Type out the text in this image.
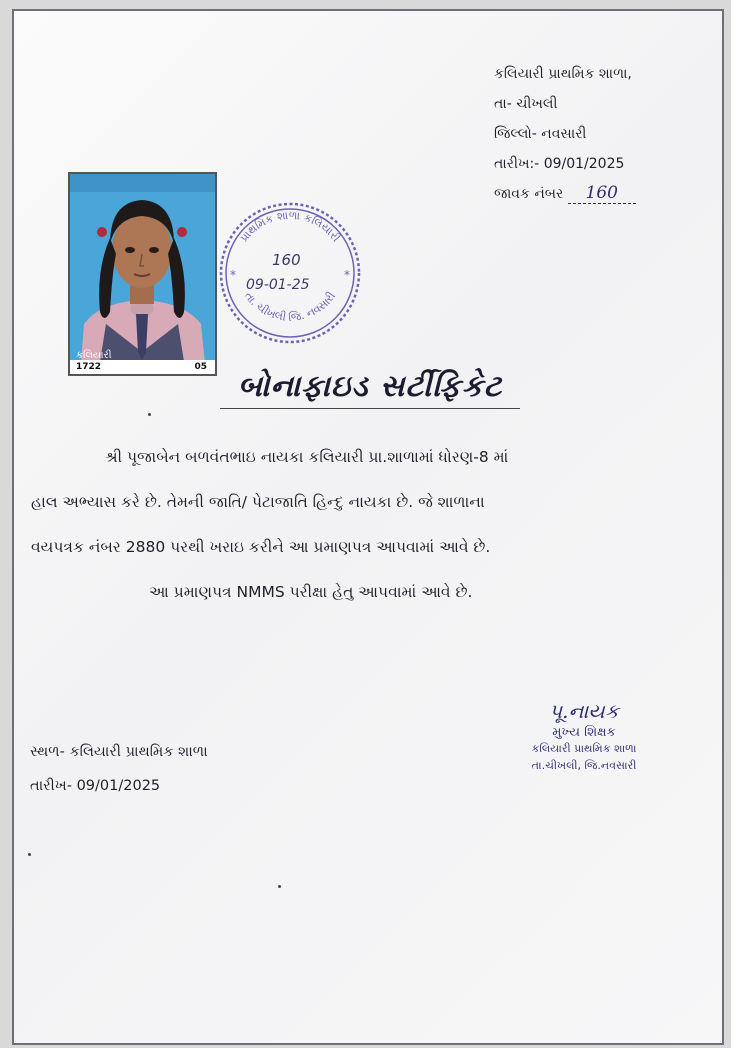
કલિયારી પ્રાથમિક શાળા,
તા- ચીખલી
જિલ્લો- નવસારી
તારીખ:- 09/01/2025
જાવક નંબર 160
કલિયારી
1722	05
પ્રાથમિક શાળા કલિયારી
તા. ચીખલી જિ. નવસારી
*	*
160
09-01-25
બોનાફાઇડ સર્ટીફિકેટ

શ્રી પૂજાબેન બળવંતભાઇ નાયકા કલિયારી પ્રા.શાળામાં ધોરણ-8 માં

હાલ અભ્યાસ કરે છે. તેમની જાતિ/ પેટાજાતિ હિન્દુ નાયકા છે. જે શાળાના

વયપત્રક નંબર 2880 પરથી ખરાઇ કરીને આ પ્રમાણપત્ર આપવામાં આવે છે.

આ પ્રમાણપત્ર NMMS પરીક્ષા હેતુ આપવામાં આવે છે.

સ્થળ- કલિયારી પ્રાથમિક શાળા
તારીખ- 09/01/2025
પૂ.નાયક
મુખ્ય શિક્ષક
કલિયારી પ્રાથમિક શાળા
તા.ચીખલી, જિ.નવસારી
